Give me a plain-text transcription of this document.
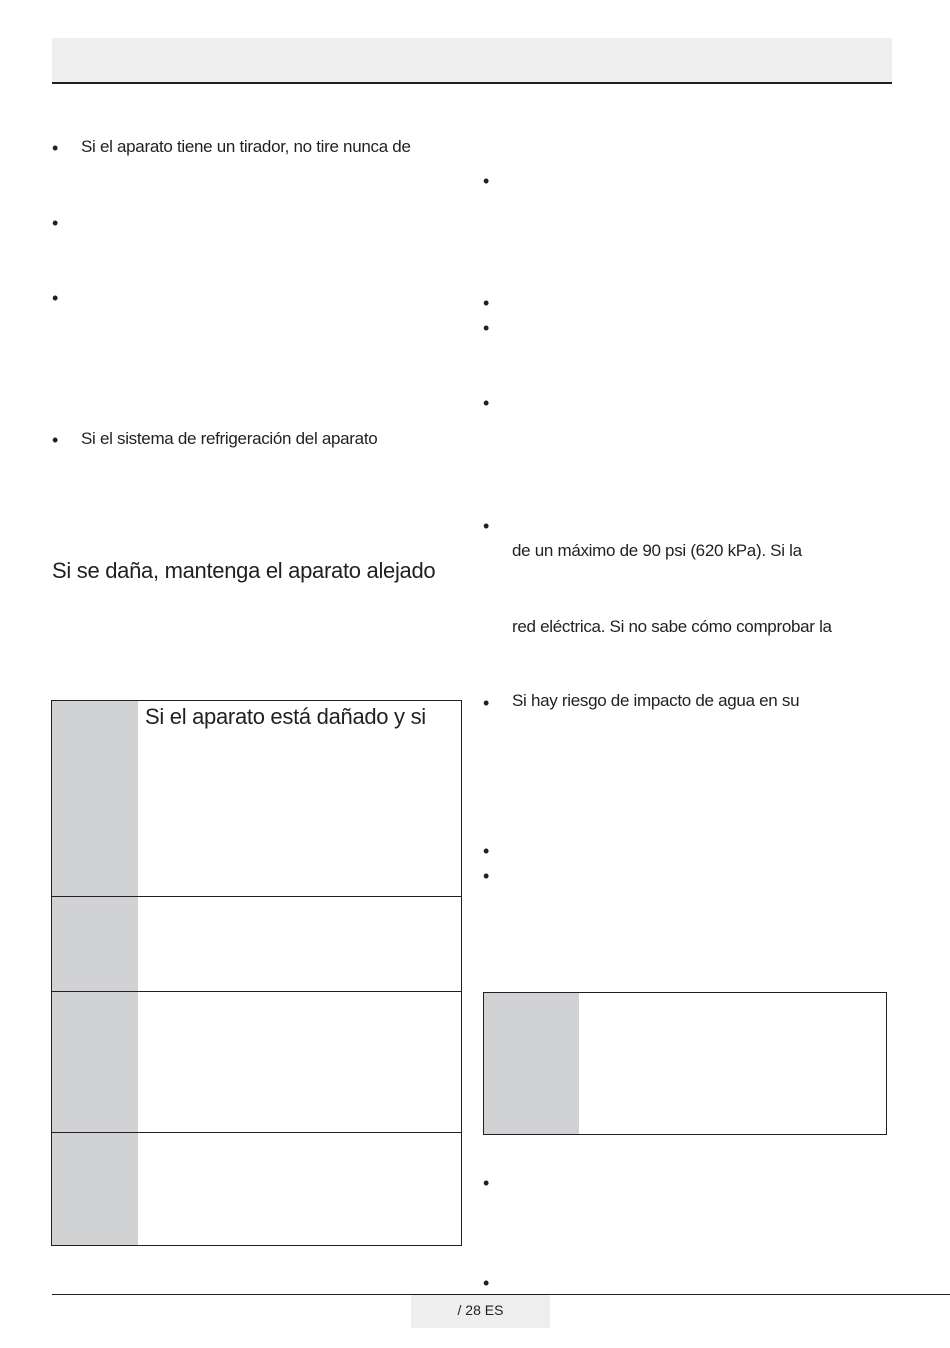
• Si el aparato tiene un tirador, no tire nunca de
•
•
• Si el sistema de refrigeración del aparato
Si se daña, mantenga el aparato alejado
Si el aparato está dañado y si
•
•
•
•
•
de un máximo de 90 psi (620 kPa). Si la
red eléctrica. Si no sabe cómo comprobar la
• Si hay riesgo de impacto de agua en su
•
•
•
•
/ 28 ES
